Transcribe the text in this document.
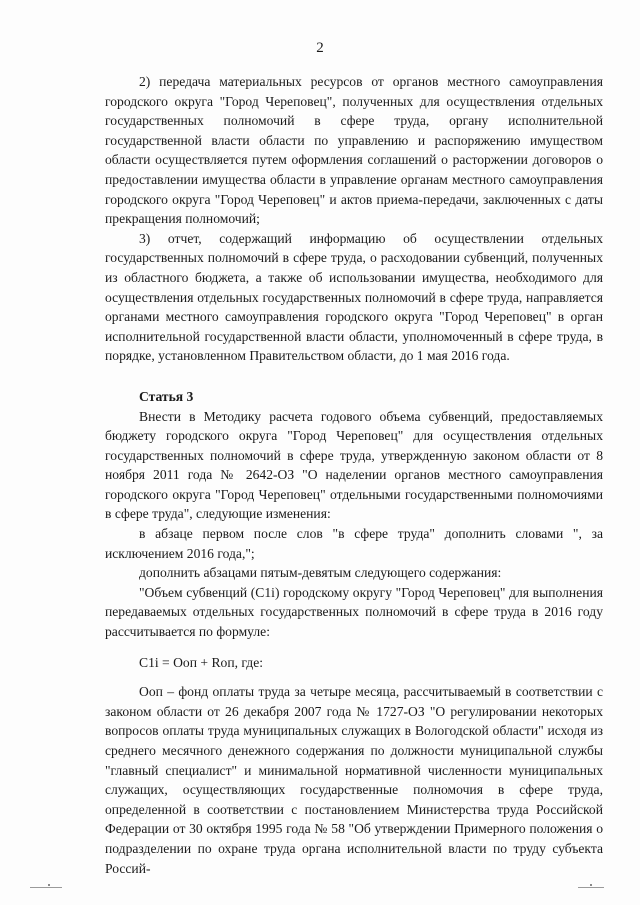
2

2) передача материальных ресурсов от органов местного самоуправления городского округа "Город Череповец", полученных для осуществления отдельных государственных полномочий в сфере труда, органу исполнительной государственной власти области по управлению и распоряжению имуществом области осуществляется путем оформления соглашений о расторжении договоров о предоставлении имущества области в управление органам местного самоуправления городского округа "Город Череповец" и актов приема-передачи, заключенных с даты прекращения полномочий;

3) отчет, содержащий информацию об осуществлении отдельных государственных полномочий в сфере труда, о расходовании субвенций, полученных из областного бюджета, а также об использовании имущества, необходимого для осуществления отдельных государственных полномочий в сфере труда, направляется органами местного самоуправления городского округа "Город Череповец" в орган исполнительной государственной власти области, уполномоченный в сфере труда, в порядке, установленном Правительством области, до 1 мая 2016 года.

Статья 3

Внести в Методику расчета годового объема субвенций, предоставляемых бюджету городского округа "Город Череповец" для осуществления отдельных государственных полномочий в сфере труда, утвержденную законом области от 8 ноября 2011 года № 2642-ОЗ "О наделении органов местного самоуправления городского округа "Город Череповец" отдельными государственными полномочиями в сфере труда", следующие изменения:

в абзаце первом после слов "в сфере труда" дополнить словами ", за исключением 2016 года,";

дополнить абзацами пятым-девятым следующего содержания:

"Объем субвенций (С1i) городскому округу "Город Череповец" для выполнения передаваемых отдельных государственных полномочий в сфере труда в 2016 году рассчитывается по формуле:

С1i = Ооп + Rоп, где:

Ооп – фонд оплаты труда за четыре месяца, рассчитываемый в соответствии с законом области от 26 декабря 2007 года № 1727-ОЗ "О регулировании некоторых вопросов оплаты труда муниципальных служащих в Вологодской области" исходя из среднего месячного денежного содержания по должности муниципальной службы "главный специалист" и минимальной нормативной численности муниципальных служащих, осуществляющих государственные полномочия в сфере труда, определенной в соответствии с постановлением Министерства труда Российской Федерации от 30 октября 1995 года № 58 "Об утверждении Примерного положения о подразделении по охране труда органа исполнительной власти по труду субъекта Россий-
